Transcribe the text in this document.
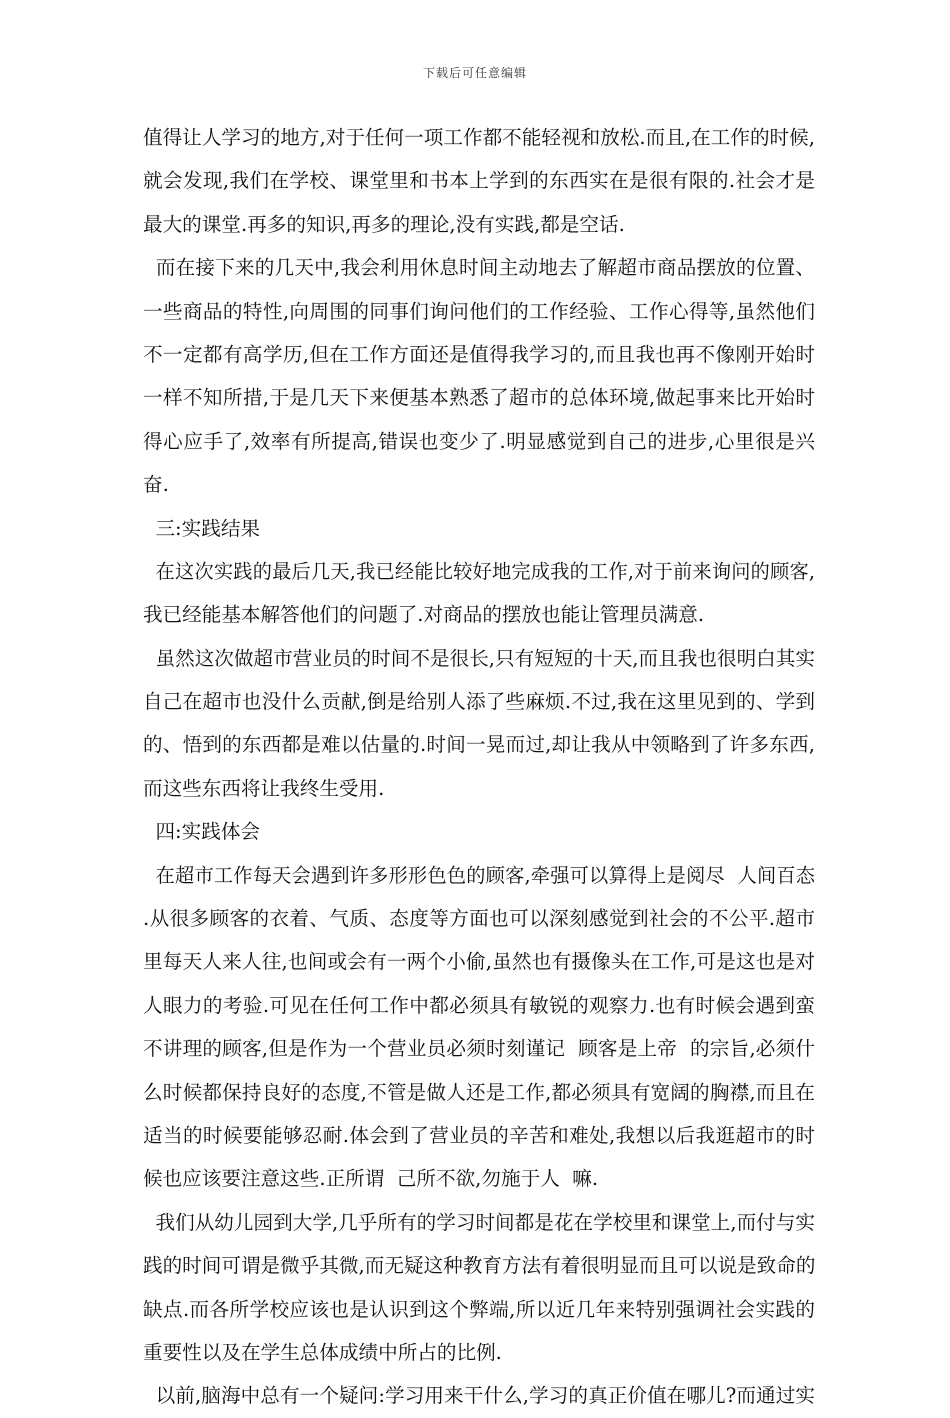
下载后可任意编辑
值得让人学习的地方,对于任何一项工作都不能轻视和放松.而且,在工作的时候,
就会发现,我们在学校、课堂里和书本上学到的东西实在是很有限的.社会才是
最大的课堂.再多的知识,再多的理论,没有实践,都是空话.
而在接下来的几天中,我会利用休息时间主动地去了解超市商品摆放的位置、
一些商品的特性,向周围的同事们询问他们的工作经验、工作心得等,虽然他们
不一定都有高学历,但在工作方面还是值得我学习的,而且我也再不像刚开始时
一样不知所措,于是几天下来便基本熟悉了超市的总体环境,做起事来比开始时
得心应手了,效率有所提高,错误也变少了.明显感觉到自己的进步,心里很是兴
奋.
三:实践结果
在这次实践的最后几天,我已经能比较好地完成我的工作,对于前来询问的顾客,
我已经能基本解答他们的问题了.对商品的摆放也能让管理员满意.
虽然这次做超市营业员的时间不是很长,只有短短的十天,而且我也很明白其实
自己在超市也没什么贡献,倒是给别人添了些麻烦.不过,我在这里见到的、学到
的、悟到的东西都是难以估量的.时间一晃而过,却让我从中领略到了许多东西,
而这些东西将让我终生受用.
四:实践体会
在超市工作每天会遇到许多形形色色的顾客,牵强可以算得上是阅尽  人间百态
.从很多顾客的衣着、气质、态度等方面也可以深刻感觉到社会的不公平.超市
里每天人来人往,也间或会有一两个小偷,虽然也有摄像头在工作,可是这也是对
人眼力的考验.可见在任何工作中都必须具有敏锐的观察力.也有时候会遇到蛮
不讲理的顾客,但是作为一个营业员必须时刻谨记  顾客是上帝  的宗旨,必须什
么时候都保持良好的态度,不管是做人还是工作,都必须具有宽阔的胸襟,而且在
适当的时候要能够忍耐.体会到了营业员的辛苦和难处,我想以后我逛超市的时
候也应该要注意这些.正所谓  己所不欲,勿施于人  嘛.
我们从幼儿园到大学,几乎所有的学习时间都是花在学校里和课堂上,而付与实
践的时间可谓是微乎其微,而无疑这种教育方法有着很明显而且可以说是致命的
缺点.而各所学校应该也是认识到这个弊端,所以近几年来特别强调社会实践的
重要性以及在学生总体成绩中所占的比例.
以前,脑海中总有一个疑问:学习用来干什么,学习的真正价值在哪儿?而通过实
